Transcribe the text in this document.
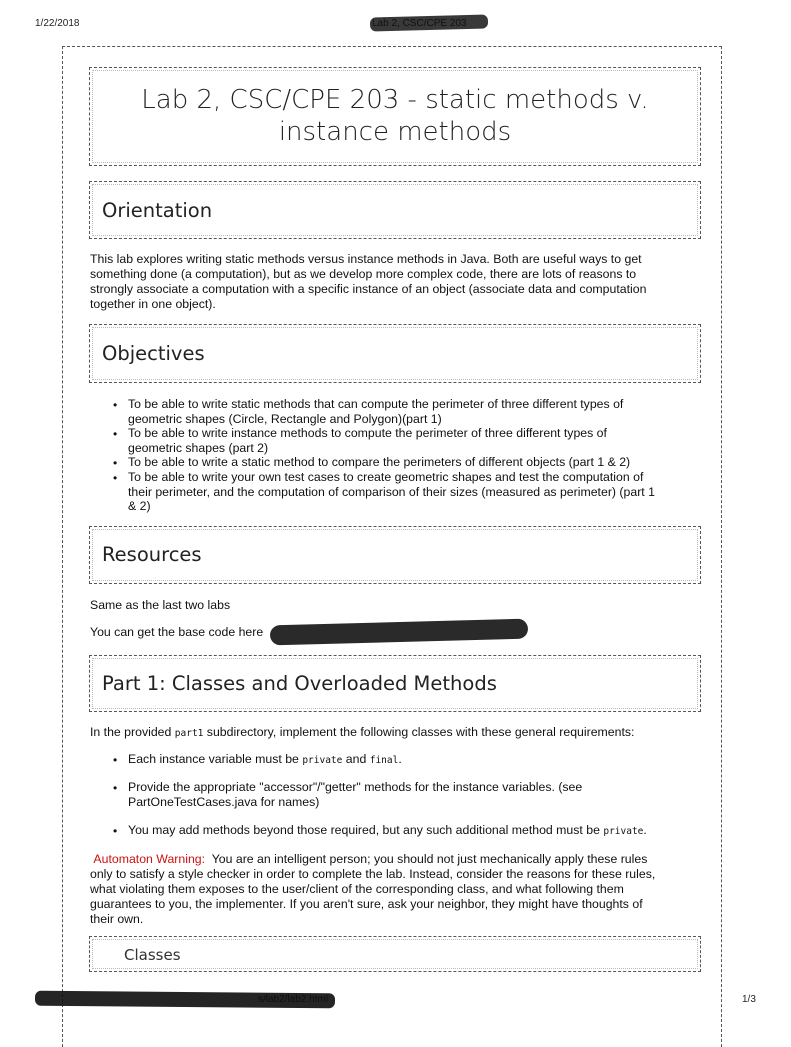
1/22/2018
Lab 2, CSC/CPE 203 - static methods v.
instance methods
Orientation
This lab explores writing static methods versus instance methods in Java. Both are useful ways to get
something done (a computation), but as we develop more complex code, there are lots of reasons to
strongly associate a computation with a specific instance of an object (associate data and computation
together in one object).
Objectives
• To be able to write static methods that can compute the perimeter of three different types of
geometric shapes (Circle, Rectangle and Polygon)(part 1)
• To be able to write instance methods to compute the perimeter of three different types of
geometric shapes (part 2)
• To be able to write a static method to compare the perimeters of different objects (part 1 & 2)
• To be able to write your own test cases to create geometric shapes and test the computation of
their perimeter, and the computation of comparison of their sizes (measured as perimeter) (part 1
& 2)
Resources
Same as the last two labs
You can get the base code here
Part 1: Classes and Overloaded Methods
In the provided part1 subdirectory, implement the following classes with these general requirements:
• Each instance variable must be private and final.
• Provide the appropriate "accessor"/"getter" methods for the instance variables. (see
PartOneTestCases.java for names)
• You may add methods beyond those required, but any such additional method must be private.
Automaton Warning: You are an intelligent person; you should not just mechanically apply these rules
only to satisfy a style checker in order to complete the lab. Instead, consider the reasons for these rules,
what violating them exposes to the user/client of the corresponding class, and what following them
guarantees to you, the implementer. If you aren't sure, ask your neighbor, they might have thoughts of
their own.
Classes
1/3
